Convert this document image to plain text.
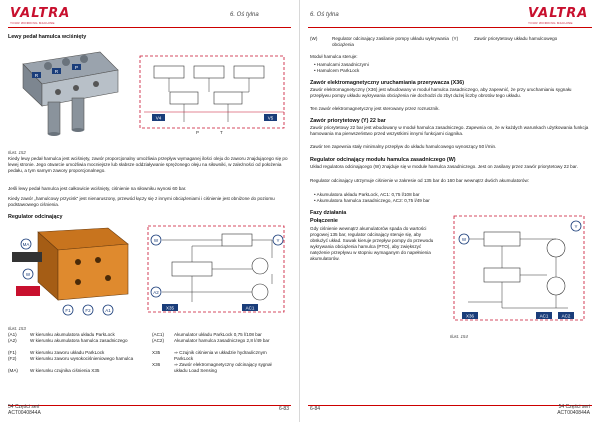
6. Oś tylna
VALTRA
YOUR WORKING MACHINE
Lewy pedał hamulca wciśnięty
R
R
P
V4	V5
P	T
Ilust. 152
Kiedy lewy pedał hamulca jest wciśnięty, zawór proporcjonalny umożliwia przepływ wymaganej ilości oleju do zaworu znajdującego się po lewej stronie. Jego otwarcie umożliwia mocniejsze lub słabsze oddziaływanie sprężonego oleju na siłowniki, w zależności od położenia pedału, a tym samym zawory proporcjonalnego.
Jeśli lewy pedał hamulca jest całkowicie wciśnięty, ciśnienie na siłowniku wynosi 60 bar.
Kiedy zawór „hamulcowy przycisk” jest nienaruszony, przewód łączy się z innymi obciążeniami i ciśnienie jest obniżone do poziomu podstawowego ciśnienia.
Regulator odcinający
MA
W
F1	F2	A1
W
A2
Y
AC1
X35
Ilust. 153
(A1)	W kierunku akumulatora układu ParkLock
(A2)	W kierunku akumulatora hamulca zasadniczego
(F1)	W kierunku zaworu układu ParkLock
(F2)	W kierunku zaworu wysokociśnieniowego hamulca
(MA)	W kierunku czujnika ciśnienia X35
(AC1)	Akumulator układu ParkLock 0,75 l/108 bar
(AC2)	Akumulator hamulca zasadniczego 2,8 l/49 bar
X35	⇒ Czujnik ciśnienia w układzie hydraulicznym ParkLock
X36	⇒ Zawór elektromagnetyczny odcinający sygnał układu Load Sensing
54 Części seri
ACT0040844A
6-83
6. Oś tylna	VALTRA
YOUR WORKING MACHINE
(W)	Regulator odcinający zasilanie pompy układu wykrywania obciążenia
(Y)	Zawór priorytetowy układu hamulcowego
Moduł hamulca steruje:
• Hamulcami zasadniczymi
• Hamulcem ParkLock
Zawór elektromagnetyczny uruchamiania przerywacza (X36)
Zawór elektromagnetyczny (X36) jest wbudowany w moduł hamulca zasadniczego, aby zapewnić, że przy uruchamianiu sygnału przepływu pompy układu wykrywania obciążenia nie dochodzi do zbyt dużej liczby obrotów tego układu.
Ten zawór elektromagnetyczny jest sterowany przez rozrusznik.
Zawór priorytetowy (Y) 22 bar
Zawór priorytetowy 22 bar jest wbudowany w moduł hamulca zasadniczego. Zapewnia on, że w każdych warunkach użytkowania funkcja hamowania ma pierwszeństwo przed wszystkimi innymi funkcjami ciągnika.
Zawór ten zapewnia stały minimalny przepływ do układu hamulcowego wynoszący 50 l/min.
Regulator odcinający modułu hamulca zasadniczego (W)
Układ regulatora odcinającego (W) znajduje się w module hamulca zasadniczego. Jest on zasilany przez zawór priorytetowy 22 bar.
Regulator odcinający utrzymuje ciśnienie w zakresie od 135 bar do 160 bar wewnątrz dwóch akumulatorów:
• Akumulatora układu ParkLock, AC1: 0,75 l/108 bar
• Akumulatora hamulca zasadniczego, AC2: 0,75 l/49 bar
Fazy działania
Połączenie
Gdy ciśnienie wewnątrz akumulatorów spada do wartości progowej 135 bar, regulator odcinający steruje się, aby obsłużyć układ. Suwak kieruje przepływ pompy do przewodu wykrywania obciążenia hamulca (PTO), aby zwiększyć natężenie przepływu w stopniu wymaganym do napełnienia akumulatorów.
W
Y
AC1	AC2
X36
Ilust. 154
6-84	54 Części seri
ACT0040844A
